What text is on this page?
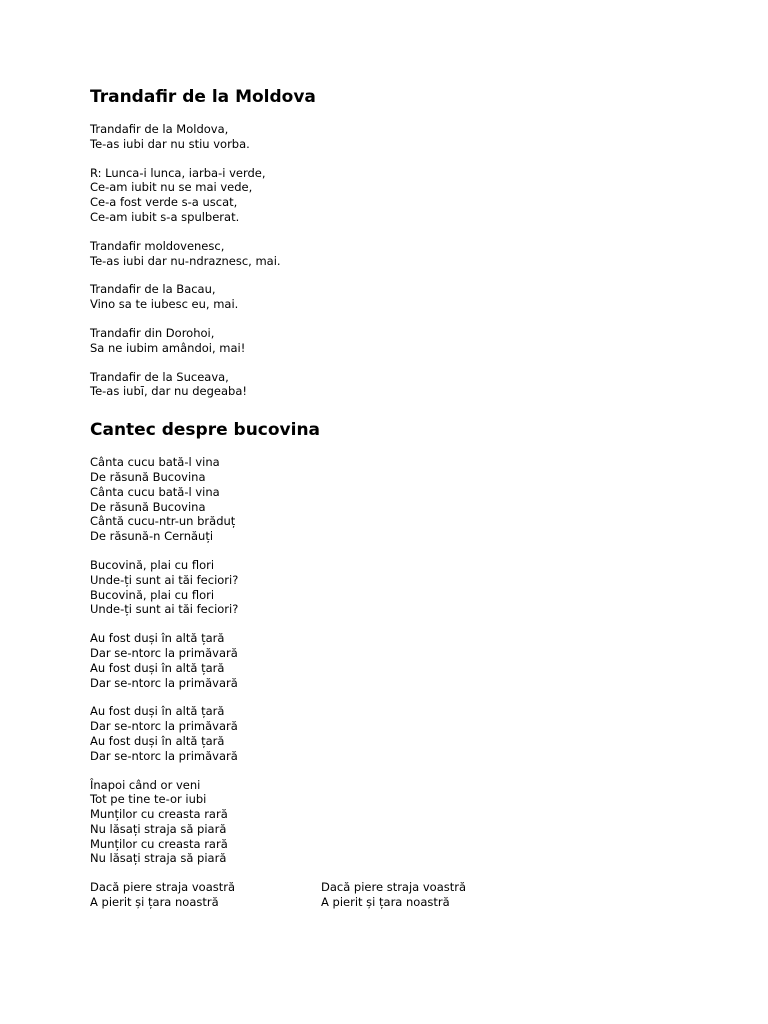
Trandafir de la Moldova
Trandafir de la Moldova,
Te-as iubi dar nu stiu vorba.
R: Lunca-i lunca, iarba-i verde,
Ce-am iubit nu se mai vede,
Ce-a fost verde s-a uscat,
Ce-am iubit s-a spulberat.
Trandafir moldovenesc,
Te-as iubi dar nu-ndraznesc, mai.
Trandafir de la Bacau,
Vino sa te iubesc eu, mai.
Trandafir din Dorohoi,
Sa ne iubim amândoi, mai!
Trandafir de la Suceava,
Te-as iubī, dar nu degeaba!
Cantec despre bucovina
Cânta cucu bată-l vina
De răsună Bucovina
Cânta cucu bată-l vina
De răsună Bucovina
Cântă cucu-ntr-un brăduț
De răsună-n Cernăuți
Bucovină, plai cu flori
Unde-ți sunt ai tăi feciori?
Bucovină, plai cu flori
Unde-ți sunt ai tăi feciori?
Au fost duși în altă țară
Dar se-ntorc la primăvară
Au fost duși în altă țară
Dar se-ntorc la primăvară
Au fost duși în altă țară
Dar se-ntorc la primăvară
Au fost duși în altă țară
Dar se-ntorc la primăvară
Înapoi când or veni
Tot pe tine te-or iubi
Munților cu creasta rară
Nu lăsați straja să piară
Munților cu creasta rară
Nu lăsați straja să piară
Dacă piere straja voastră
A pierit și țara noastră
Dacă piere straja voastră
A pierit și țara noastră
